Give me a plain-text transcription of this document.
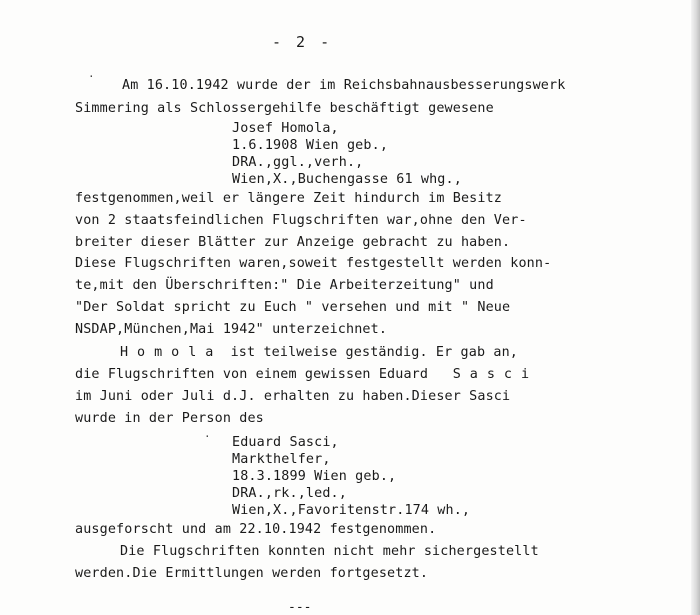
- 2 -
Am 16.10.1942 wurde der im Reichsbahnausbesserungswerk
Simmering als Schlossergehilfe beschäftigt gewesene
Josef Homola,
1.6.1908 Wien geb.,
DRA.,ggl.,verh.,
Wien,X.,Buchengasse 61 whg.,
festgenommen,weil er längere Zeit hindurch im Besitz
von 2 staatsfeindlichen Flugschriften war,ohne den Ver-
breiter dieser Blätter zur Anzeige gebracht zu haben.
Diese Flugschriften waren,soweit festgestellt werden konn-
te,mit den Überschriften:" Die Arbeiterzeitung" und
"Der Soldat spricht zu Euch " versehen und mit " Neue
NSDAP,München,Mai 1942" unterzeichnet.
Homola ist teilweise geständig. Er gab an,
die Flugschriften von einem gewissen Eduard Sasci
im Juni oder Juli d.J. erhalten zu haben.Dieser Sasci
wurde in der Person des
Eduard Sasci,
Markthelfer,
18.3.1899 Wien geb.,
DRA.,rk.,led.,
Wien,X.,Favoritenstr.174 wh.,
ausgeforscht und am 22.10.1942 festgenommen.
Die Flugschriften konnten nicht mehr sichergestellt
werden.Die Ermittlungen werden fortgesetzt.
---
·
·
